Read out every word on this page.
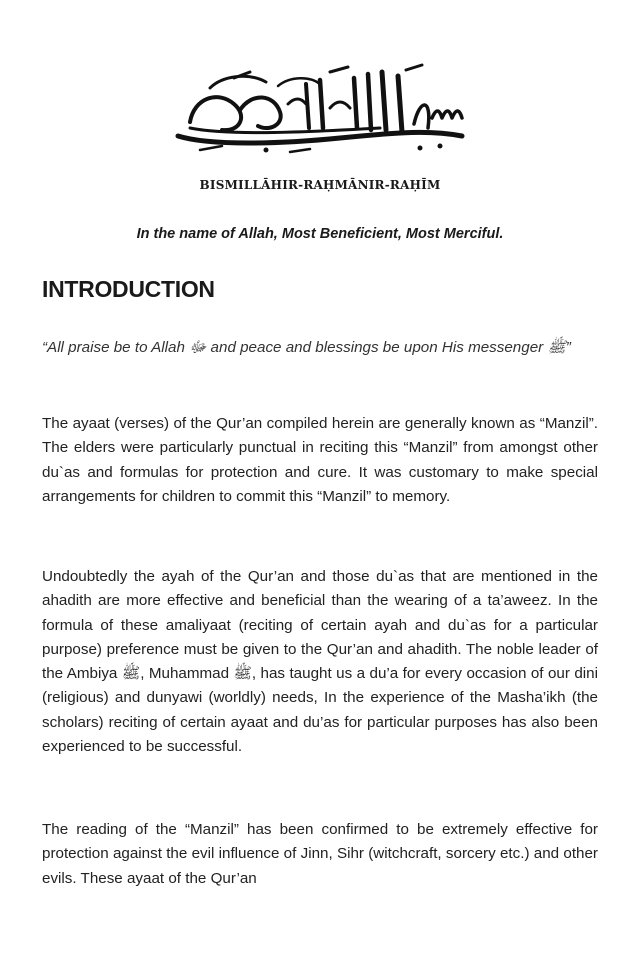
BISMILLĀHIR-RAḤMĀNIR-RAḤĪM
In the name of Allah, Most Beneficient, Most Merciful.
INTRODUCTION
“All praise be to Allah ﷻ and peace and blessings be upon His messenger ﷺ”
The ayaat (verses) of the Qur’an compiled herein are generally known as “Manzil”. The elders were particularly punctual in reciting this “Manzil” from amongst other du`as and formulas for protection and cure. It was customary to make special arrangements for children to commit this “Manzil” to memory.
Undoubtedly the ayah of the Qur’an and those du`as that are mentioned in the ahadith are more effective and beneficial than the wearing of a ta’aweez. In the formula of these amaliyaat (reciting of certain ayah and du`as for a particular purpose) preference must be given to the Qur’an and ahadith. The noble leader of the Ambiya ﷺ, Muhammad ﷺ, has taught us a du’a for every occasion of our dini (religious) and dunyawi (worldly) needs, In the experience of the Masha’ikh (the scholars) reciting of certain ayaat and du’as for particular purposes has also been experienced to be successful.
The reading of the “Manzil” has been confirmed to be extremely effective for protection against the evil influence of Jinn, Sihr (witchcraft, sorcery etc.) and other evils. These ayaat of the Qur’an
